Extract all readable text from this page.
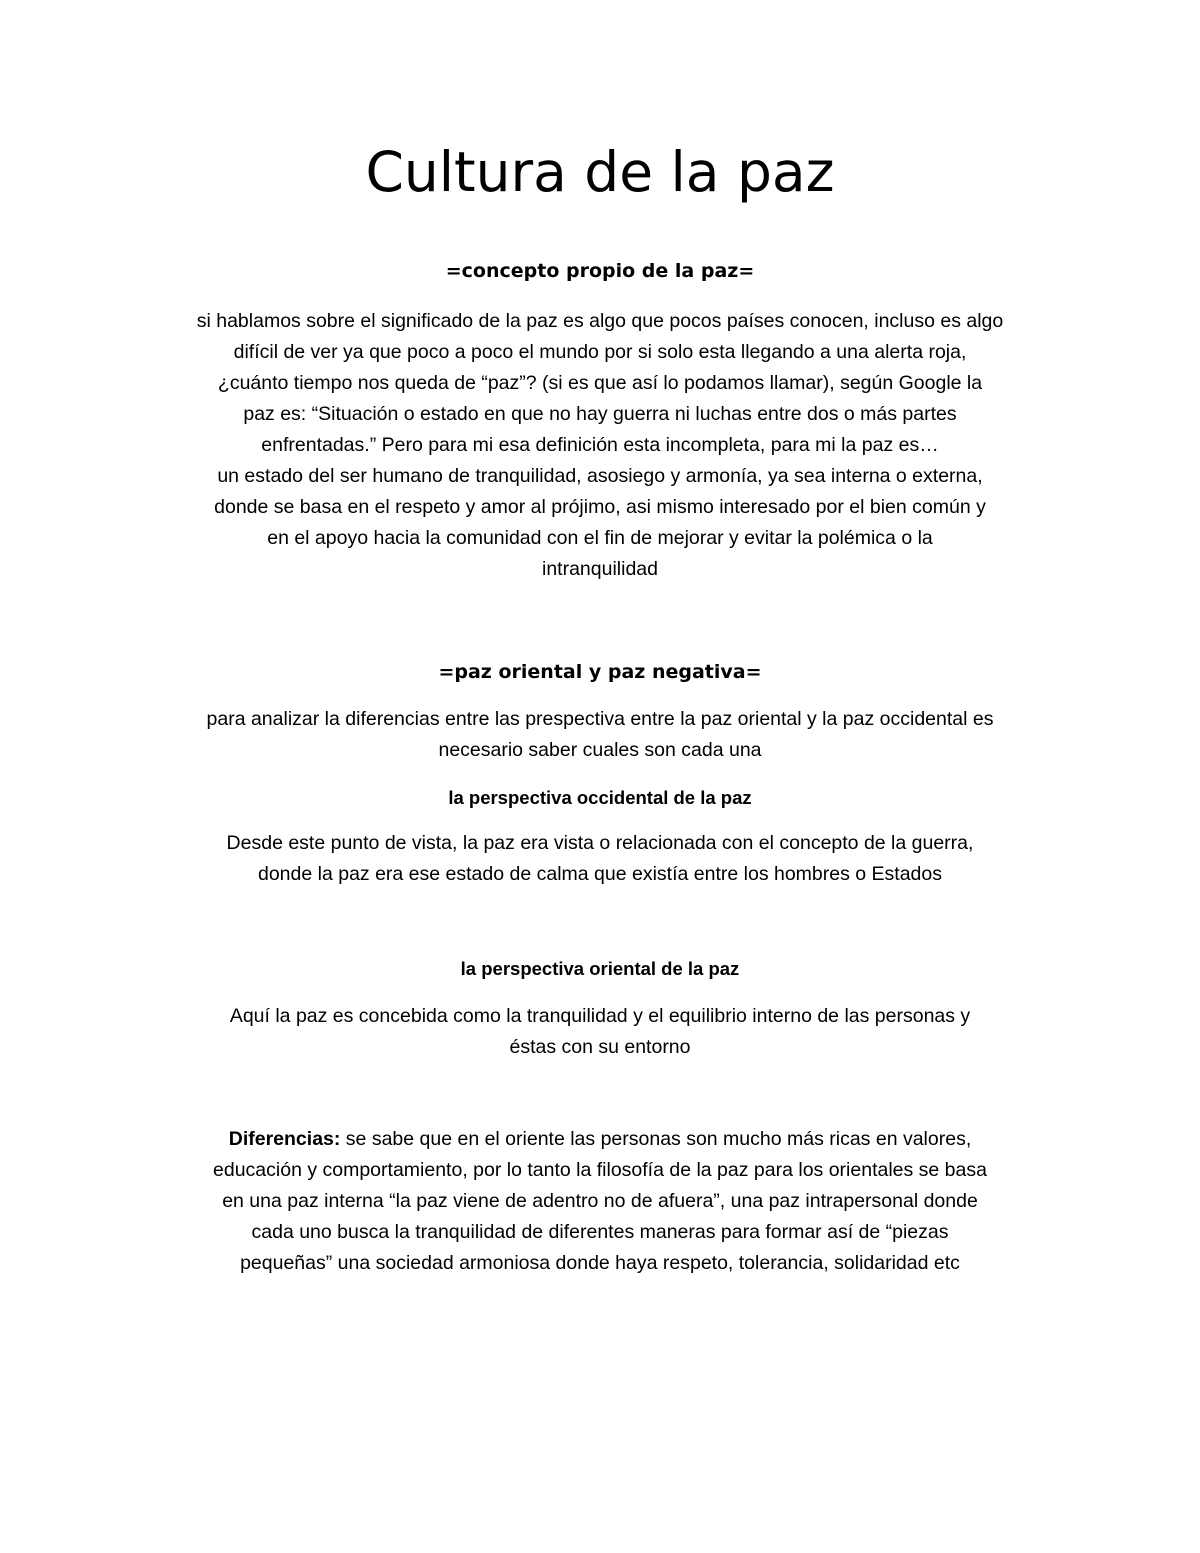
Cultura de la paz
=concepto propio de la paz=
si hablamos sobre el significado de la paz es algo que pocos países conocen, incluso es algo
difícil de ver ya que poco a poco el mundo por si solo esta llegando a una alerta roja,
¿cuánto tiempo nos queda de “paz”? (si es que así lo podamos llamar), según Google la
paz es: “Situación o estado en que no hay guerra ni luchas entre dos o más partes
enfrentadas.” Pero para mi esa definición esta incompleta, para mi la paz es…
un estado del ser humano de tranquilidad, asosiego y armonía, ya sea interna o externa,
donde se basa en el respeto y amor al prójimo, asi mismo interesado por el bien común y
en el apoyo hacia la comunidad con el fin de mejorar y evitar la polémica o la
intranquilidad
=paz oriental y paz negativa=
para analizar la diferencias entre las prespectiva entre la paz oriental y la paz occidental es
necesario saber cuales son cada una
la perspectiva occidental de la paz
Desde este punto de vista, la paz era vista o relacionada con el concepto de la guerra,
donde la paz era ese estado de calma que existía entre los hombres o Estados
la perspectiva oriental de la paz
Aquí la paz es concebida como la tranquilidad y el equilibrio interno de las personas y
éstas con su entorno
Diferencias: se sabe que en el oriente las personas son mucho más ricas en valores,
educación y comportamiento, por lo tanto la filosofía de la paz para los orientales se basa
en una paz interna “la paz viene de adentro no de afuera”, una paz intrapersonal donde
cada uno busca la tranquilidad de diferentes maneras para formar así de “piezas
pequeñas” una sociedad armoniosa donde haya respeto, tolerancia, solidaridad etc
